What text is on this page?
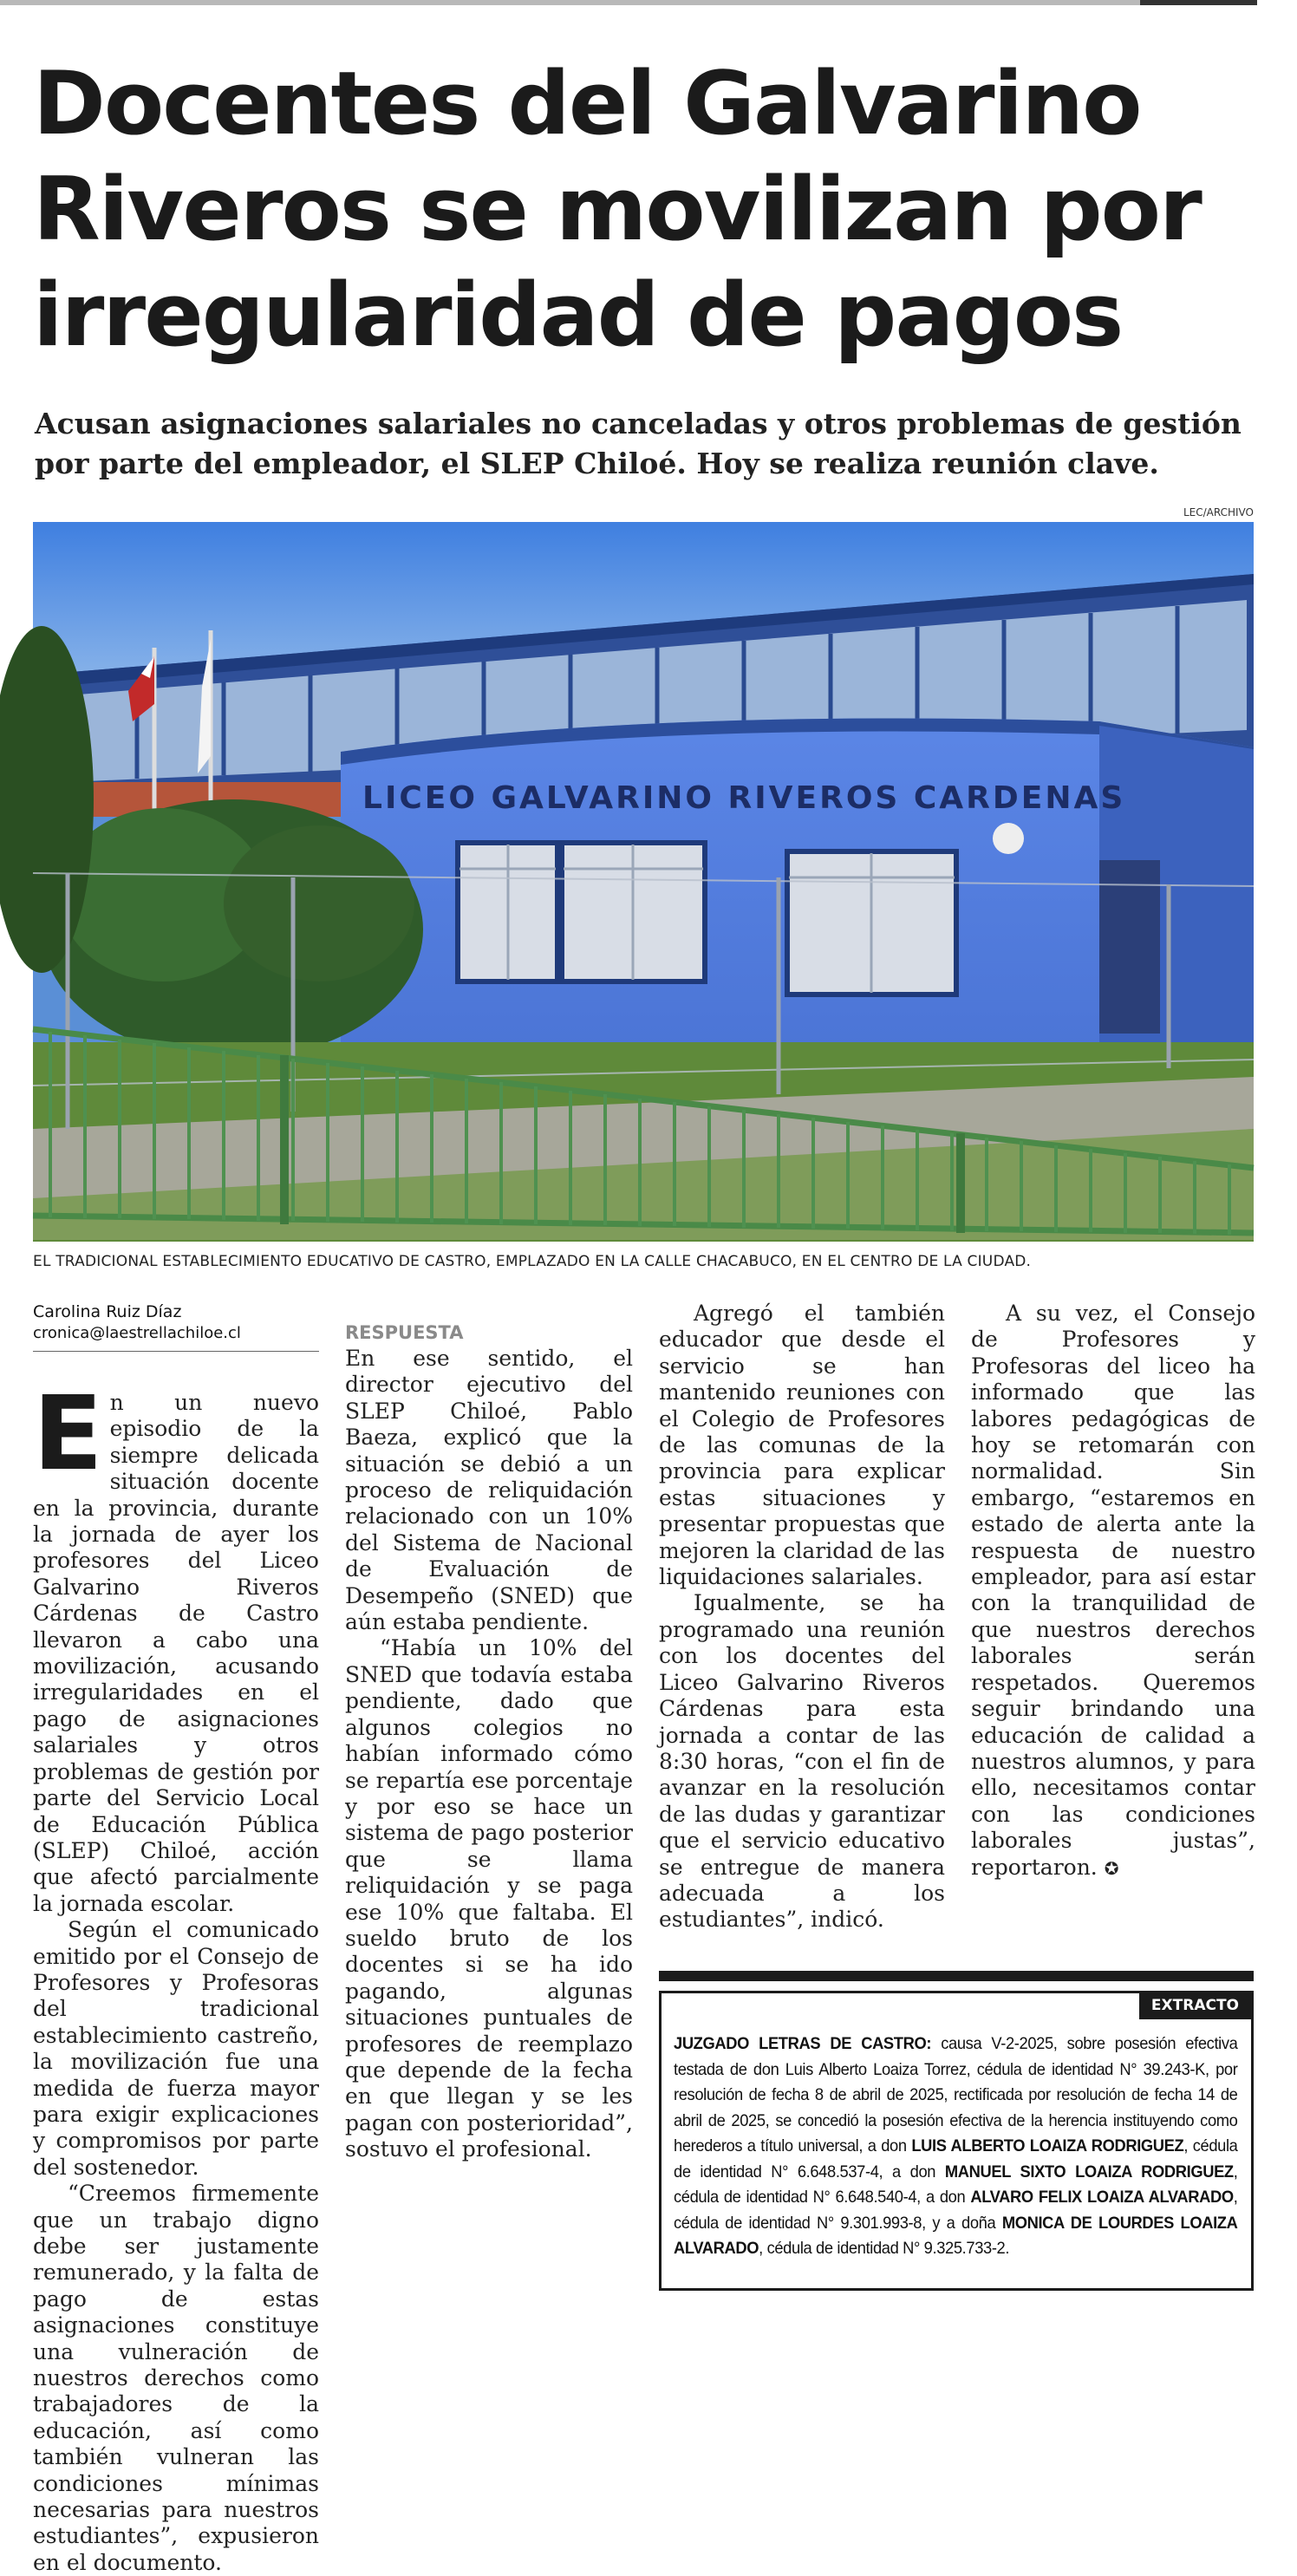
Docentes del Galvarino Riveros se movilizan por irregularidad de pagos
Acusan asignaciones salariales no canceladas y otros problemas de gestión por parte del empleador, el SLEP Chiloé. Hoy se realiza reunión clave.
LEC/ARCHIVO
LICEO GALVARINO RIVEROS CARDENAS
EL TRADICIONAL ESTABLECIMIENTO EDUCATIVO DE CASTRO, EMPLAZADO EN LA CALLE CHACABUCO, EN EL CENTRO DE LA CIUDAD.
Carolina Ruiz Díaz
cronica@laestrellachiloe.cl

En un nuevo episodio de la siempre delicada situación docente en la provincia, durante la jornada de ayer los profesores del Liceo Galvarino Riveros Cárdenas de Castro llevaron a cabo una movilización, acusando irregularidades en el pago de asignaciones salariales y otros problemas de gestión por parte del Servicio Local de Educación Pública (SLEP) Chiloé, acción que afectó parcialmente la jornada escolar.

Según el comunicado emitido por el Consejo de Profesores y Profesoras del tradicional establecimiento castreño, la movilización fue una medida de fuerza mayor para exigir explicaciones y compromisos por parte del sostenedor.

“Creemos firmemente que un trabajo digno debe ser justamente remunerado, y la falta de pago de estas asignaciones constituye una vulneración de nuestros derechos como trabajadores de la educación, así como también vulneran las condiciones mínimas necesarias para nuestros estudiantes”, expusieron en el documento.

RESPUESTA

En ese sentido, el director ejecutivo del SLEP Chiloé, Pablo Baeza, explicó que la situación se debió a un proceso de reliquidación relacionado con un 10% del Sistema de Nacional de Evaluación de Desempeño (SNED) que aún estaba pendiente.

“Había un 10% del SNED que todavía estaba pendiente, dado que algunos colegios no habían informado cómo se repartía ese porcentaje y por eso se hace un sistema de pago posterior que se llama reliquidación y se paga ese 10% que faltaba. El sueldo bruto de los docentes si se ha ido pagando, algunas situaciones puntuales de profesores de reemplazo que depende de la fecha en que llegan y se les pagan con posterioridad”, sostuvo el profesional.

Agregó el también educador que desde el servicio se han mantenido reuniones con el Colegio de Profesores de las comunas de la provincia para explicar estas situaciones y presentar propuestas que mejoren la claridad de las liquidaciones salariales.

Igualmente, se ha programado una reunión con los docentes del Liceo Galvarino Riveros Cárdenas para esta jornada a contar de las 8:30 horas, “con el fin de avanzar en la resolución de las dudas y garantizar que el servicio educativo se entregue de manera adecuada a los estudiantes”, indicó.

A su vez, el Consejo de Profesores y Profesoras del liceo ha informado que las labores pedagógicas de hoy se retomarán con normalidad. Sin embargo, “estaremos en estado de alerta ante la respuesta de nuestro empleador, para así estar con la tranquilidad de que nuestros derechos laborales serán respetados. Queremos seguir brindando una educación de calidad a nuestros alumnos, y para ello, necesitamos contar con las condiciones laborales justas”, reportaron. ✪

EXTRACTO
JUZGADO LETRAS DE CASTRO: causa V-2-2025, sobre posesión efectiva testada de don Luis Alberto Loaiza Torrez, cédula de identidad N° 39.243-K, por resolución de fecha 8 de abril de 2025, rectificada por resolución de fecha 14 de abril de 2025, se concedió la posesión efectiva de la herencia instituyendo como herederos a título universal, a don LUIS ALBERTO LOAIZA RODRIGUEZ, cédula de identidad N° 6.648.537-4, a don MANUEL SIXTO LOAIZA RODRIGUEZ, cédula de identidad N° 6.648.540-4, a don ALVARO FELIX LOAIZA ALVARADO, cédula de identidad N° 9.301.993-8, y a doña MONICA DE LOURDES LOAIZA ALVARADO, cédula de identidad N° 9.325.733-2.
